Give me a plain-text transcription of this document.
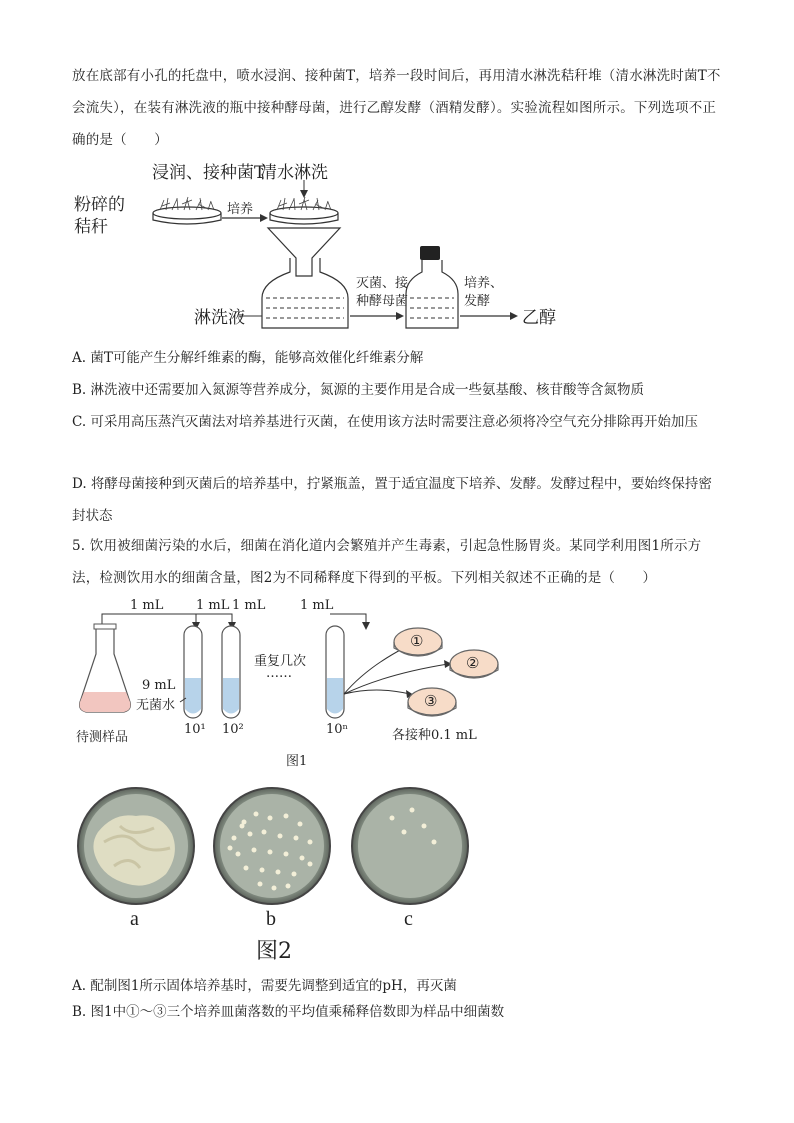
放在底部有小孔的托盘中，喷水浸润、接种菌T，培养一段时间后，再用清水淋洗秸秆堆（清水淋洗时菌T不会流失），在装有淋洗液的瓶中接种酵母菌，进行乙醇发酵（酒精发酵）。实验流程如图所示。下列选项不正确的是（　　）

浸润、接种菌T
清水淋洗
粉碎的
秸秆
培养
淋洗液
灭菌、接
种酵母菌
培养、
发酵
乙醇

A. 菌T可能产生分解纤维素的酶，能够高效催化纤维素分解

B. 淋洗液中还需要加入氮源等营养成分，氮源的主要作用是合成一些氨基酸、核苷酸等含氮物质

C. 可采用高压蒸汽灭菌法对培养基进行灭菌，在使用该方法时需要注意必须将冷空气充分排除再开始加压

D. 将酵母菌接种到灭菌后的培养基中，拧紧瓶盖，置于适宜温度下培养、发酵。发酵过程中，要始终保持密封状态

5. 饮用被细菌污染的水后，细菌在消化道内会繁殖并产生毒素，引起急性肠胃炎。某同学利用图1所示方法，检测饮用水的细菌含量，图2为不同稀释度下得到的平板。下列相关叙述不正确的是（　　）

1 mL	1 mL 1 mL	1 mL
9 mL
无菌水
重复几次
……
待测样品
10¹ 10²	10ⁿ
①
②
③
各接种0.1 mL
图1
a	b	c
图2

A. 配制图1所示固体培养基时，需要先调整到适宜的pH，再灭菌

B. 图1中①～③三个培养皿菌落数的平均值乘稀释倍数即为样品中细菌数
